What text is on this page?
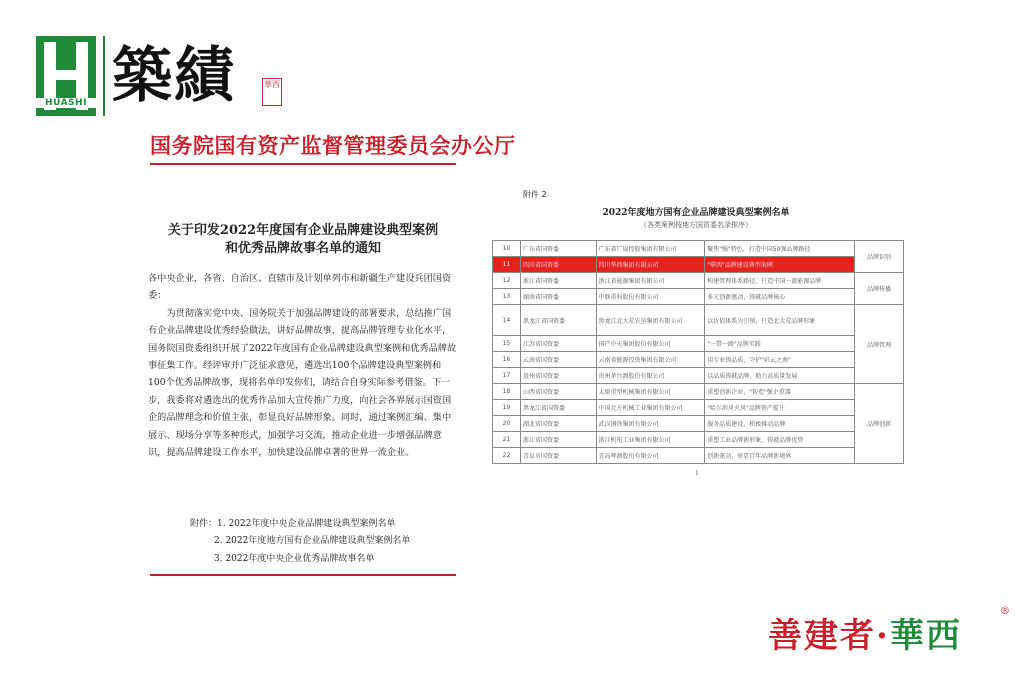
HUASHI 築績	華西
国务院国有资产监督管理委员会办公厅
关于印发2022年度国有企业品牌建设典型案例
和优秀品牌故事名单的通知

各中央企业，各省、自治区、直辖市及计划单列市和新疆生产建设兵团国资委：

为贯彻落实党中央、国务院关于加强品牌建设的部署要求，总结推广国有企业品牌建设优秀经验做法，讲好品牌故事，提高品牌管理专业化水平，国务院国资委组织开展了2022年度国有企业品牌建设典型案例和优秀品牌故事征集工作。经评审并广泛征求意见，遴选出100个品牌建设典型案例和100个优秀品牌故事，现将名单印发你们，请结合自身实际参考借鉴。下一步，我委将对遴选出的优秀作品加大宣传推广力度，向社会各界展示国资国企的品牌理念和价值主张，彰显良好品牌形象。同时，通过案例汇编、集中展示、现场分享等多种形式，加强学习交流，推动企业进一步增强品牌意识，提高品牌建设工作水平，加快建设品牌卓著的世界一流企业。

附件：1. 2022年度中央企业品牌建设典型案例名单
2. 2022年度地方国有企业品牌建设典型案例名单
3. 2022年度中央企业优秀品牌故事名单
附件 2
2022年度地方国有企业品牌建设典型案例名单
（各类案例按地方国资委名录排序）
10	广东省国资委	广东省广晟控股集团有限公司	聚焦"强"特色，打造中国50强品牌路径	品牌识别
11	四川省国资委	四川华西集团有限公司	"華西"品牌建设典型案例	
12	浙江省国资委	浙江省能源集团有限公司	构建管理体系路径，打造中国一流能源品牌	品牌传播
13	湖南省国资委	中联重科股份有限公司	多元创新驱动，铸就品牌核心	
14	黑龙江省国资委	黑龙江北大荒农垦集团有限公司	以价值体系为引领，打造北大荒品牌形象	品牌管理
15	江苏省国资委	国产中天集团股份有限公司	"一带一路"品牌实践	
16	云南省国资委	云南省能源投资集团有限公司	用专业铸品质，守护"彩云之南"	
17	贵州省国资委	贵州茅台酒股份有限公司	以品质铸就品牌，助力高质量发展	
18	山西省国资委	太原重型机械集团有限公司	重塑创新企业，"智造"强企重器	品牌创新
19	黑龙江省国资委	中国北方机械工业集团有限公司	"哈尔滨风火风"品牌资产提升	
20	湖北省国资委	武汉钢铁集团有限公司	服务品质建设，积极推动品牌	
21	浙江省国资委	浙江机电工业集团有限公司	重塑工业品牌新形象，铸就品牌优势	
22	青岛市国资委	青岛啤酒股份有限公司	创新驱动，彰显百年品牌新境界	
1
善建者·華西
®
